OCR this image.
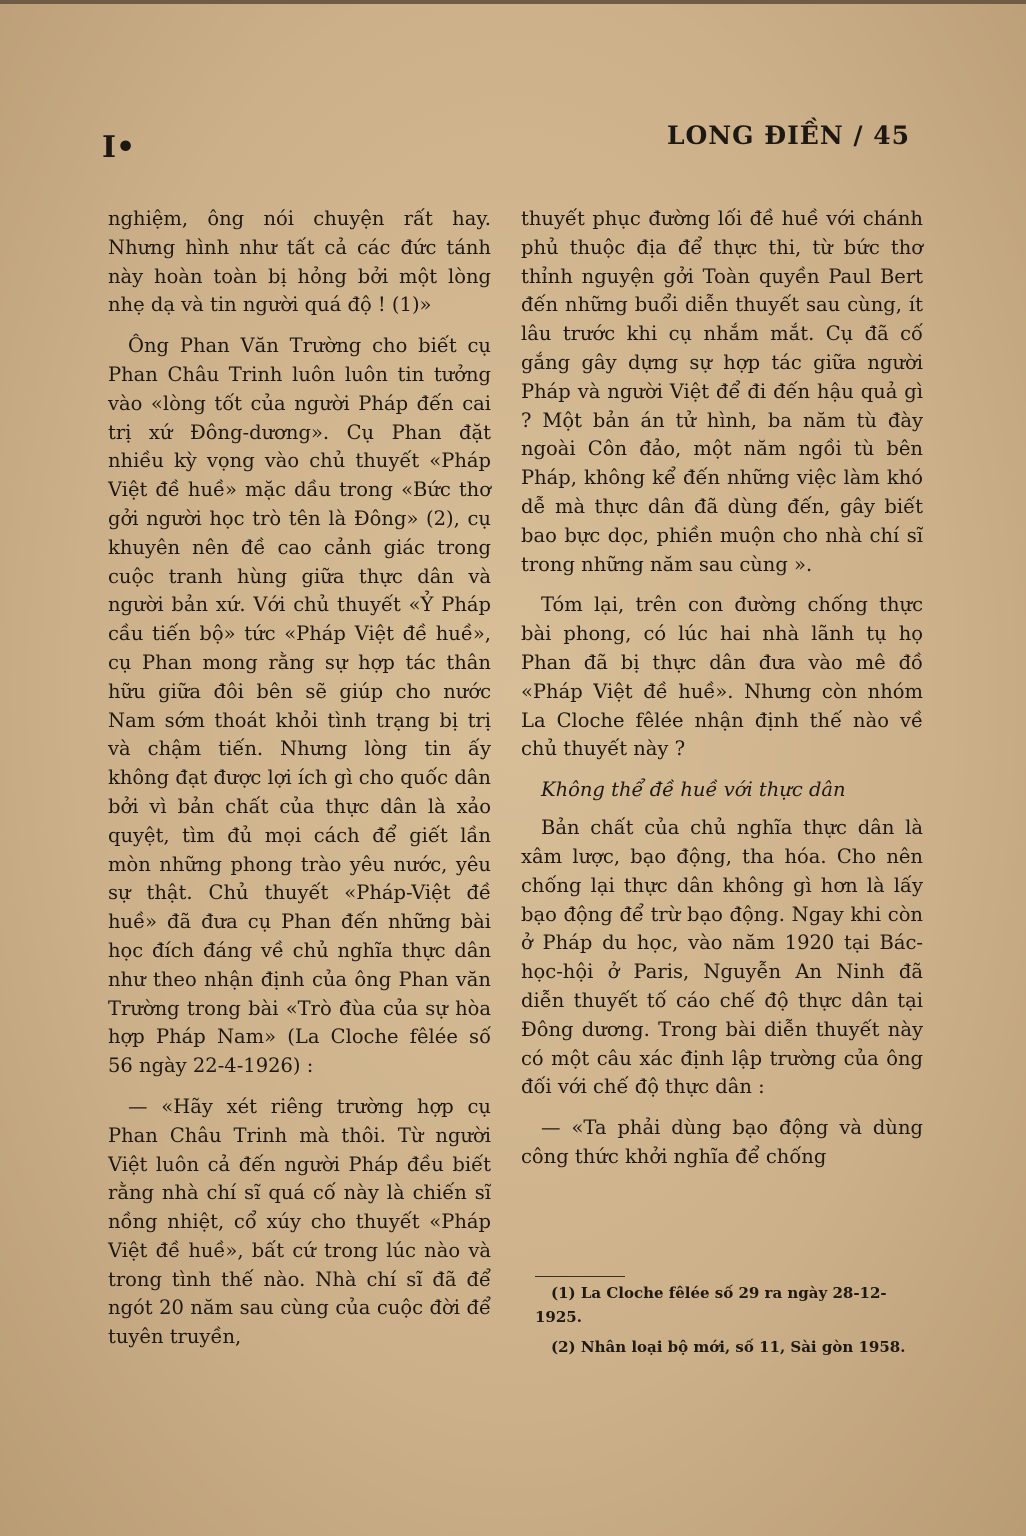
I•	LONG ĐIỀN / 45

nghiệm, ông nói chuyện rất hay. Nhưng hình như tất cả các đức tánh này hoàn toàn bị hỏng bởi một lòng nhẹ dạ và tin người quá độ ! (1)»

Ông Phan Văn Trường cho biết cụ Phan Châu Trinh luôn luôn tin tưởng vào «lòng tốt của người Pháp đến cai trị xứ Đông-dương». Cụ Phan đặt nhiều kỳ vọng vào chủ thuyết «Pháp Việt đề huề» mặc dầu trong «Bức thơ gởi người học trò tên là Đông» (2), cụ khuyên nên đề cao cảnh giác trong cuộc tranh hùng giữa thực dân và người bản xứ. Với chủ thuyết «Ỷ Pháp cầu tiến bộ» tức «Pháp Việt đề huề», cụ Phan mong rằng sự hợp tác thân hữu giữa đôi bên sẽ giúp cho nước Nam sớm thoát khỏi tình trạng bị trị và chậm tiến. Nhưng lòng tin ấy không đạt được lợi ích gì cho quốc dân bởi vì bản chất của thực dân là xảo quyệt, tìm đủ mọi cách để giết lần mòn những phong trào yêu nước, yêu sự thật. Chủ thuyết «Pháp-Việt đề huề» đã đưa cụ Phan đến những bài học đích đáng về chủ nghĩa thực dân như theo nhận định của ông Phan văn Trường trong bài «Trò đùa của sự hòa hợp Pháp Nam» (La Cloche fêlée số 56 ngày 22-4-1926) :

— «Hãy xét riêng trường hợp cụ Phan Châu Trinh mà thôi. Từ người Việt luôn cả đến người Pháp đều biết rằng nhà chí sĩ quá cố này là chiến sĩ nồng nhiệt, cổ xúy cho thuyết «Pháp Việt đề huề», bất cứ trong lúc nào và trong tình thế nào. Nhà chí sĩ đã để ngót 20 năm sau cùng của cuộc đời để tuyên truyền,

thuyết phục đường lối đề huề với chánh phủ thuộc địa để thực thi, từ bức thơ thỉnh nguyện gởi Toàn quyền Paul Bert đến những buổi diễn thuyết sau cùng, ít lâu trước khi cụ nhắm mắt. Cụ đã cố gắng gây dựng sự hợp tác giữa người Pháp và người Việt để đi đến hậu quả gì ? Một bản án tử hình, ba năm tù đày ngoài Côn đảo, một năm ngồi tù bên Pháp, không kể đến những việc làm khó dễ mà thực dân đã dùng đến, gây biết bao bực dọc, phiền muộn cho nhà chí sĩ trong những năm sau cùng ».

Tóm lại, trên con đường chống thực bài phong, có lúc hai nhà lãnh tụ họ Phan đã bị thực dân đưa vào mê đồ «Pháp Việt đề huề». Nhưng còn nhóm La Cloche fêlée nhận định thế nào về chủ thuyết này ?

Không thể đề huề với thực dân

Bản chất của chủ nghĩa thực dân là xâm lược, bạo động, tha hóa. Cho nên chống lại thực dân không gì hơn là lấy bạo động để trừ bạo động. Ngay khi còn ở Pháp du học, vào năm 1920 tại Bác-học-hội ở Paris, Nguyễn An Ninh đã diễn thuyết tố cáo chế độ thực dân tại Đông dương. Trong bài diễn thuyết này có một câu xác định lập trường của ông đối với chế độ thực dân :

— «Ta phải dùng bạo động và dùng công thức khởi nghĩa để chống

(1) La Cloche fêlée số 29 ra ngày 28-12-1925.

(2) Nhân loại bộ mới, số 11, Sài gòn 1958.
